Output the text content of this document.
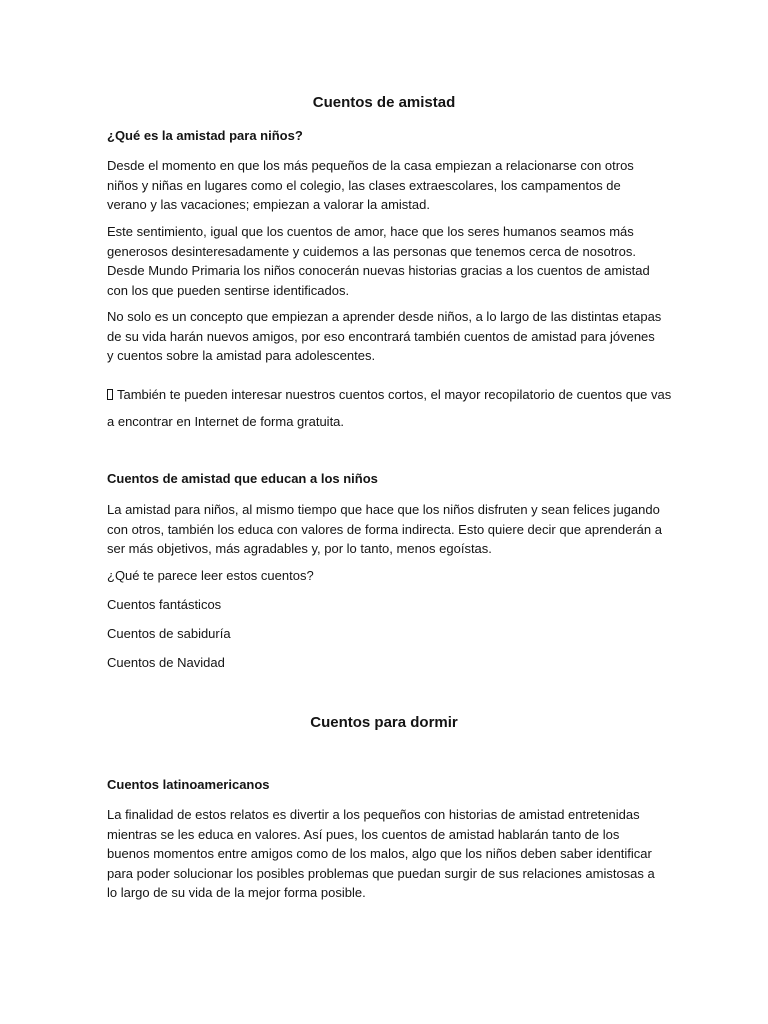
Cuentos de amistad
¿Qué es la amistad para niños?

Desde el momento en que los más pequeños de la casa empiezan a relacionarse con otros niños y niñas en lugares como el colegio, las clases extraescolares, los campamentos de verano y las vacaciones; empiezan a valorar la amistad.

Este sentimiento, igual que los cuentos de amor, hace que los seres humanos seamos más generosos desinteresadamente y cuidemos a las personas que tenemos cerca de nosotros. Desde Mundo Primaria los niños conocerán nuevas historias gracias a los cuentos de amistad con los que pueden sentirse identificados.

No solo es un concepto que empiezan a aprender desde niños, a lo largo de las distintas etapas de su vida harán nuevos amigos, por eso encontrará también cuentos de amistad para jóvenes y cuentos sobre la amistad para adolescentes.

También te pueden interesar nuestros cuentos cortos, el mayor recopilatorio de cuentos que vas
a encontrar en Internet de forma gratuita.
Cuentos de amistad que educan a los niños

La amistad para niños, al mismo tiempo que hace que los niños disfruten y sean felices jugando con otros, también los educa con valores de forma indirecta. Esto quiere decir que aprenderán a ser más objetivos, más agradables y, por lo tanto, menos egoístas.

¿Qué te parece leer estos cuentos?
Cuentos fantásticos
Cuentos de sabiduría
Cuentos de Navidad
Cuentos para dormir
Cuentos latinoamericanos

La finalidad de estos relatos es divertir a los pequeños con historias de amistad entretenidas mientras se les educa en valores. Así pues, los cuentos de amistad hablarán tanto de los buenos momentos entre amigos como de los malos, algo que los niños deben saber identificar para poder solucionar los posibles problemas que puedan surgir de sus relaciones amistosas a lo largo de su vida de la mejor forma posible.
